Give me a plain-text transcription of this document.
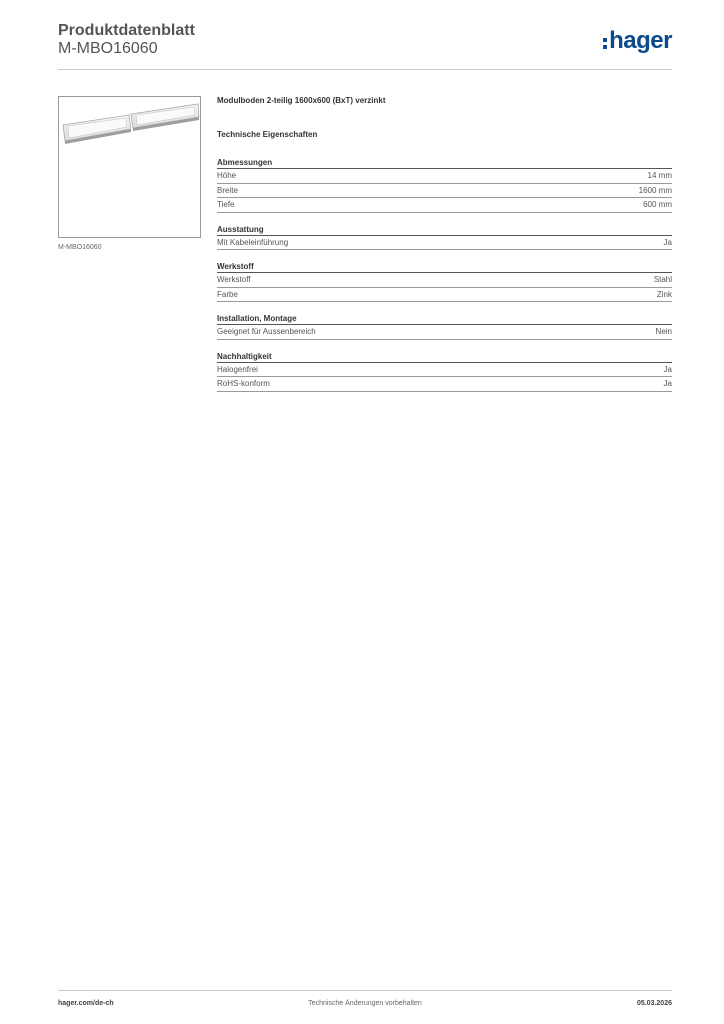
Produktdatenblatt
M-MBO16060	hager
M-MBO16060
Modulboden 2-teilig 1600x600 (BxT) verzinkt
Technische Eigenschaften
Abmessungen
Höhe	14 mm
Breite	1600 mm
Tiefe	600 mm
Ausstattung
Mit Kabeleinführung	Ja
Werkstoff
Werkstoff	Stahl
Farbe	Zink
Installation, Montage
Geeignet für Aussenbereich	Nein
Nachhaltigkeit
Halogenfrei	Ja
RoHS-konform	Ja
hager.com/de-ch	Technische Änderungen vorbehalten	05.03.2026
